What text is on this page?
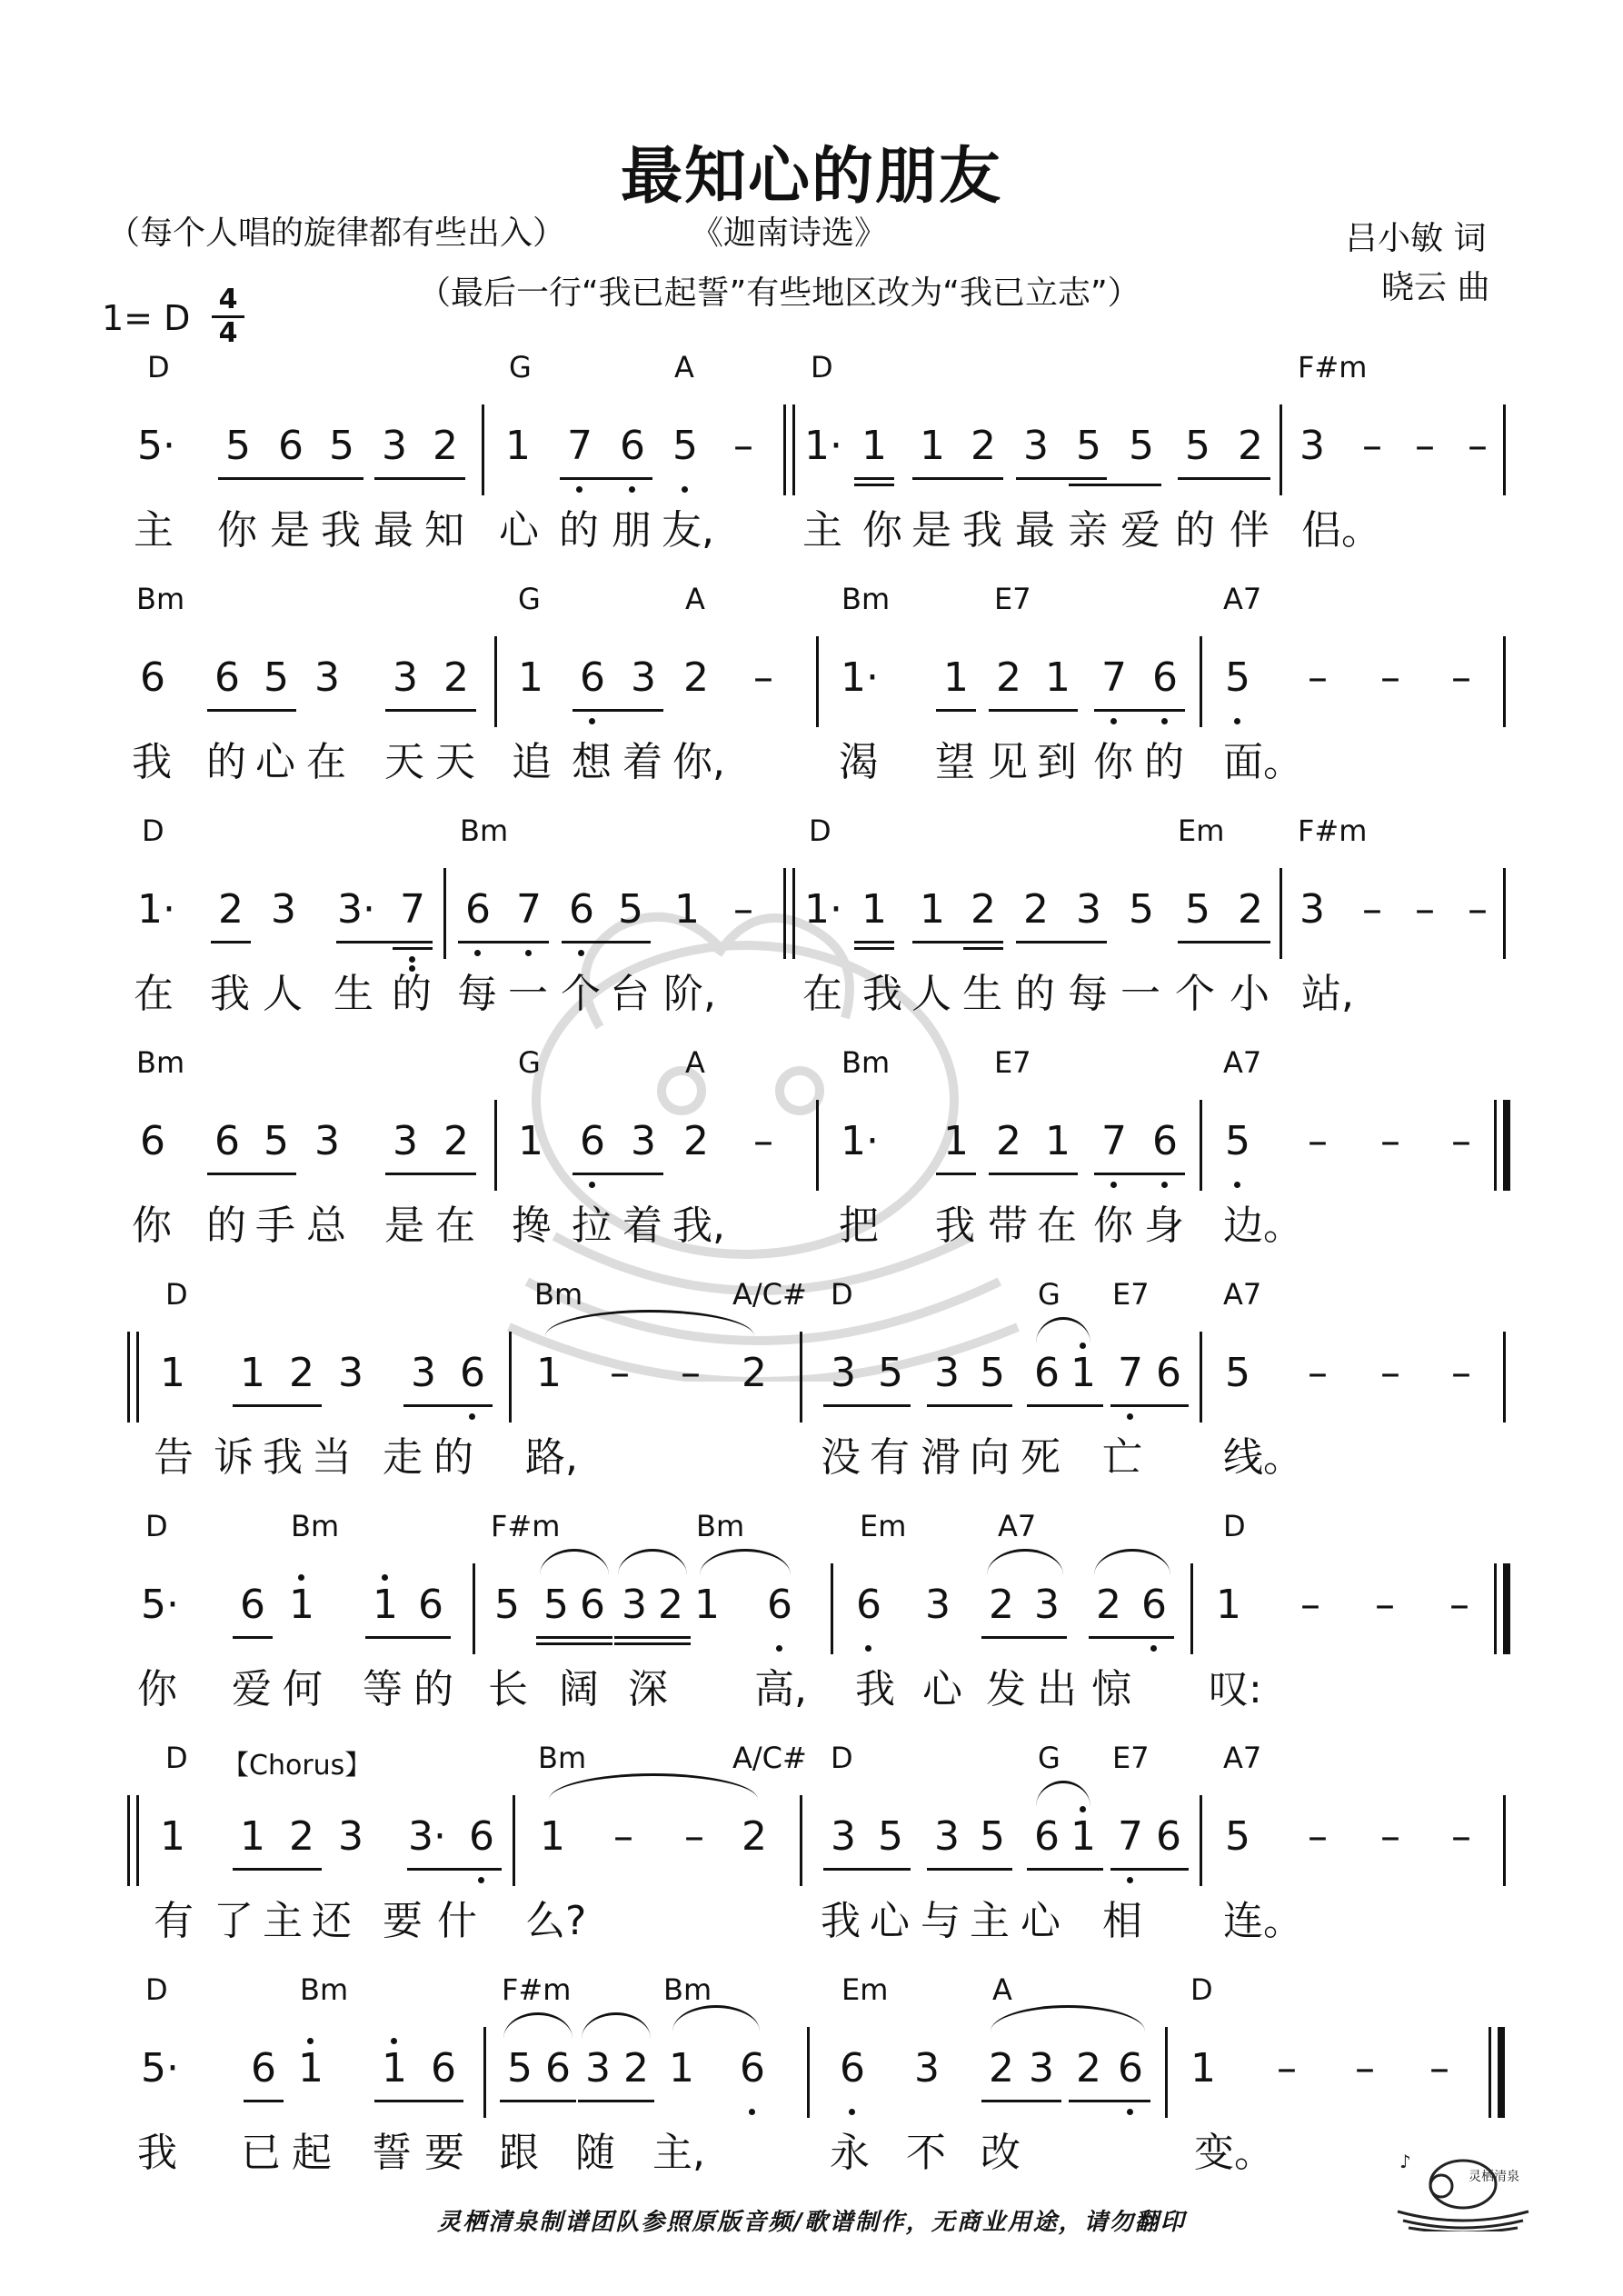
最知心的朋友
（每个人唱的旋律都有些出入）	《迦南诗选》	吕小敏 词
晓云 曲
（最后一行“我已起誓”有些地区改为“我已立志”）
1= D 4
4
D	G	A	D	F#m
5· 5 6 5 3 2 1 7 6 5 – 1· 1 1 2 3 5 5 5 2 3 – – –
主 你 是 我 最 知 心 的 朋 友, 主 你 是 我 最 亲 爱 的 伴 侣。
Bm	G	A	Bm	E7	A7
6 6 5 3 3 2 1 6 3 2 – 1· 1 2 1 7 6 5 – – –
我 的 心 在 天 天 追 想 着 你,	渴 望 见 到 你 的 面。
D	Bm	D	Em	F#m
1· 2 3 3· 7 6 7 6 5 1 – 1· 1 1 2 2 3 5 5 2 3 – – –
在 我 人 生 的 每 一 个 台 阶, 在 我 人 生 的 每 一 个 小 站,
Bm	G	A	Bm	E7	A7
6 6 5 3 3 2 1 6 3 2 – 1· 1 2 1 7 6 5 – – –
你 的 手 总 是 在 搀 拉 着 我,	把 我 带 在 你 身 边。
D	Bm	A/C# D	G E7	A7
1 1 2 3 3 6 1 – – 2 3 5 3 5 6 1 7 6 5 – – –
告 诉 我 当 走 的 路,	没 有 滑 向 死 亡 线。
D	Bm	F#m	Bm	Em	A7	D
5· 6 1 1 6 5 5 6 3 2 1 6 6 3 2 3 2 6 1 – – –
你 爱 何 等 的 长 阔 深 高, 我 心 发 出 惊 叹:
D 【Chorus】	Bm	A/C# D	G E7	A7
1 1 2 3 3· 6 1 – – 2 3 5 3 5 6 1 7 6 5 – – –
有 了 主 还 要 什 么?	我 心 与 主 心 相 连。
D	Bm	F#m	Bm	Em	A	D
5· 6 1 1 6 5 6 3 2 1 6 6 3 2 3 2 6 1 – – –
我 已 起 誓 要 跟 随 主,	永 不 改	变。
灵栖清泉制谱团队参照原版音频/歌谱制作，无商业用途，请勿翻印
灵栖清泉
♪
